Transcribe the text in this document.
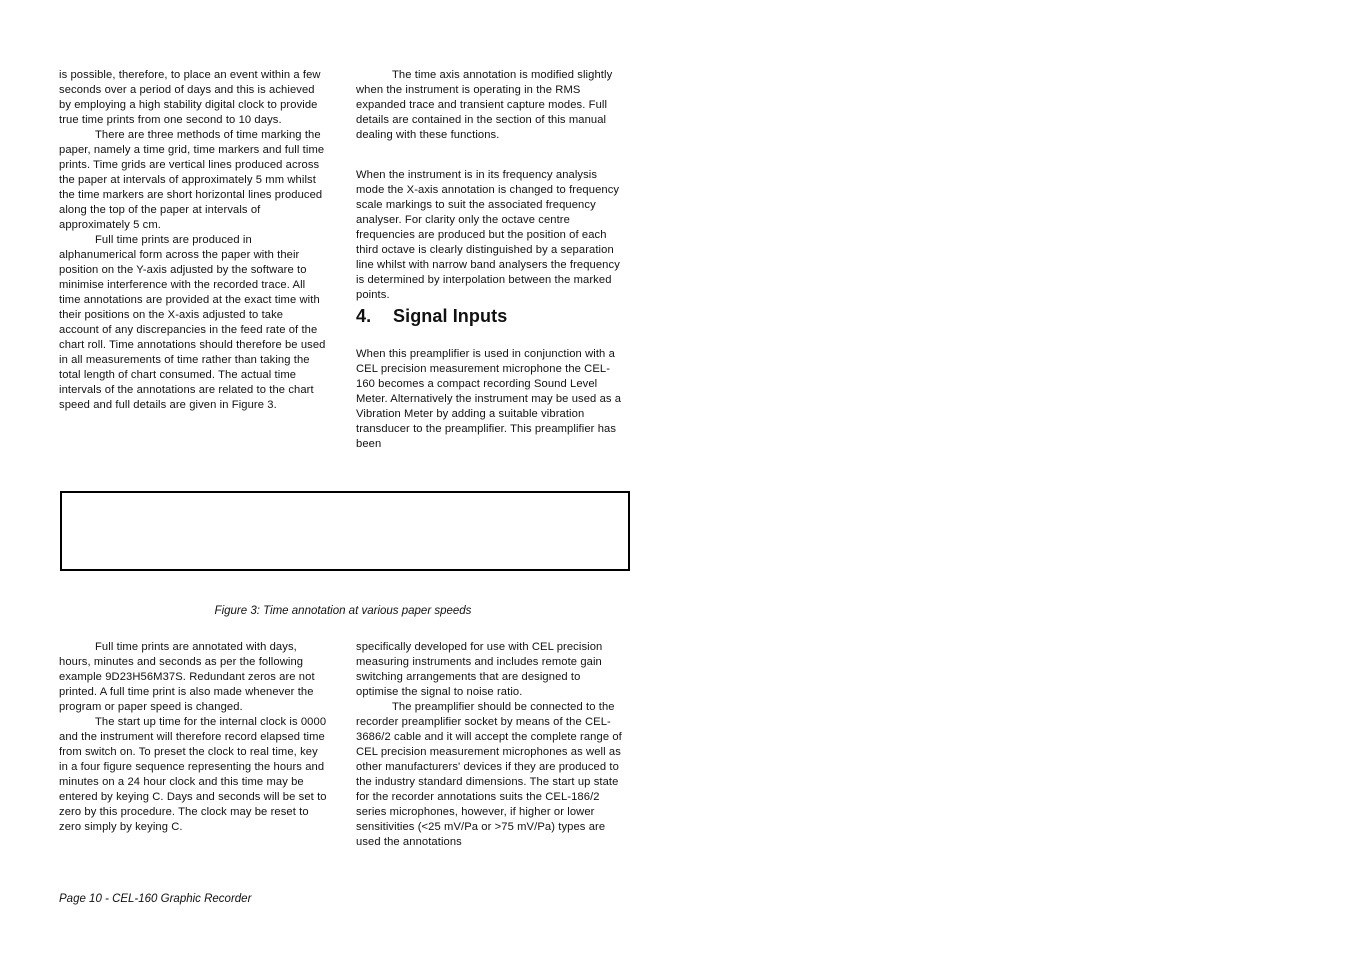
is possible, therefore, to place an event within a few seconds over a period of days and this is achieved by employing a high stability digital clock to provide true time prints from one second to 10 days.

There are three methods of time marking the paper, namely a time grid, time markers and full time prints. Time grids are vertical lines produced across the paper at intervals of approximately 5 mm whilst the time markers are short horizontal lines produced along the top of the paper at intervals of approximately 5 cm.

Full time prints are produced in alphanumerical form across the paper with their position on the Y-axis adjusted by the software to minimise interference with the recorded trace. All time annotations are provided at the exact time with their positions on the X-axis adjusted to take account of any discrepancies in the feed rate of the chart roll. Time annotations should therefore be used in all measurements of time rather than taking the total length of chart consumed. The actual time intervals of the annotations are related to the chart speed and full details are given in Figure 3.

The time axis annotation is modified slightly when the instrument is operating in the RMS expanded trace and transient capture modes. Full details are contained in the section of this manual dealing with these functions.

When the instrument is in its frequency analysis mode the X-axis annotation is changed to frequency scale markings to suit the associated frequency analyser. For clarity only the octave centre frequencies are produced but the position of each third octave is clearly distinguished by a separation line whilst with narrow band analysers the frequency is determined by interpolation between the marked points.

4. Signal Inputs

When this preamplifier is used in conjunction with a CEL precision measurement microphone the CEL-160 becomes a compact recording Sound Level Meter. Alternatively the instrument may be used as a Vibration Meter by adding a suitable vibration transducer to the preamplifier. This preamplifier has been

Figure 3: Time annotation at various paper speeds

Full time prints are annotated with days, hours, minutes and seconds as per the following example 9D23H56M37S. Redundant zeros are not printed. A full time print is also made whenever the program or paper speed is changed.

The start up time for the internal clock is 0000 and the instrument will therefore record elapsed time from switch on. To preset the clock to real time, key in a four figure sequence representing the hours and minutes on a 24 hour clock and this time may be entered by keying C. Days and seconds will be set to zero by this procedure. The clock may be reset to zero simply by keying C.

specifically developed for use with CEL precision measuring instruments and includes remote gain switching arrangements that are designed to optimise the signal to noise ratio.

The preamplifier should be connected to the recorder preamplifier socket by means of the CEL-3686/2 cable and it will accept the complete range of CEL precision measurement microphones as well as other manufacturers' devices if they are produced to the industry standard dimensions. The start up state for the recorder annotations suits the CEL-186/2 series microphones, however, if higher or lower sensitivities (<25 mV/Pa or >75 mV/Pa) types are used the annotations

Page 10 - CEL-160 Graphic Recorder
